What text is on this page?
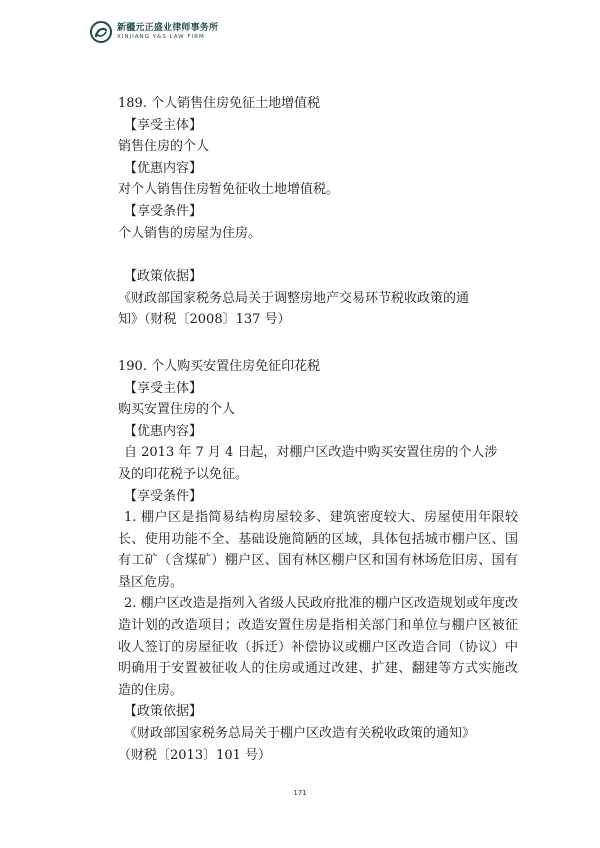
新疆元正盛业律师事务所
XINJIANG Y&S LAW FIRM
189. 个人销售住房免征土地增值税
【享受主体】
销售住房的个人
【优惠内容】
对个人销售住房暂免征收土地增值税。
【享受条件】
个人销售的房屋为住房。
【政策依据】
《财政部国家税务总局关于调整房地产交易环节税收政策的通
知》（财税〔2008〕137 号）
190. 个人购买安置住房免征印花税
【享受主体】
购买安置住房的个人
【优惠内容】
自 2013 年 7 月 4 日起，对棚户区改造中购买安置住房的个人涉
及的印花税予以免征。
【享受条件】
1. 棚户区是指简易结构房屋较多、建筑密度较大、房屋使用年限较长、使用功能不全、基础设施简陋的区域，具体包括城市棚户区、国有工矿（含煤矿）棚户区、国有林区棚户区和国有林场危旧房、国有垦区危房。
2. 棚户区改造是指列入省级人民政府批准的棚户区改造规划或年度改造计划的改造项目；改造安置住房是指相关部门和单位与棚户区被征收人签订的房屋征收（拆迁）补偿协议或棚户区改造合同（协议）中明确用于安置被征收人的住房或通过改建、扩建、翻建等方式实施改造的住房。
【政策依据】
《财政部国家税务总局关于棚户区改造有关税收政策的通知》
（财税〔2013〕101 号）
171
